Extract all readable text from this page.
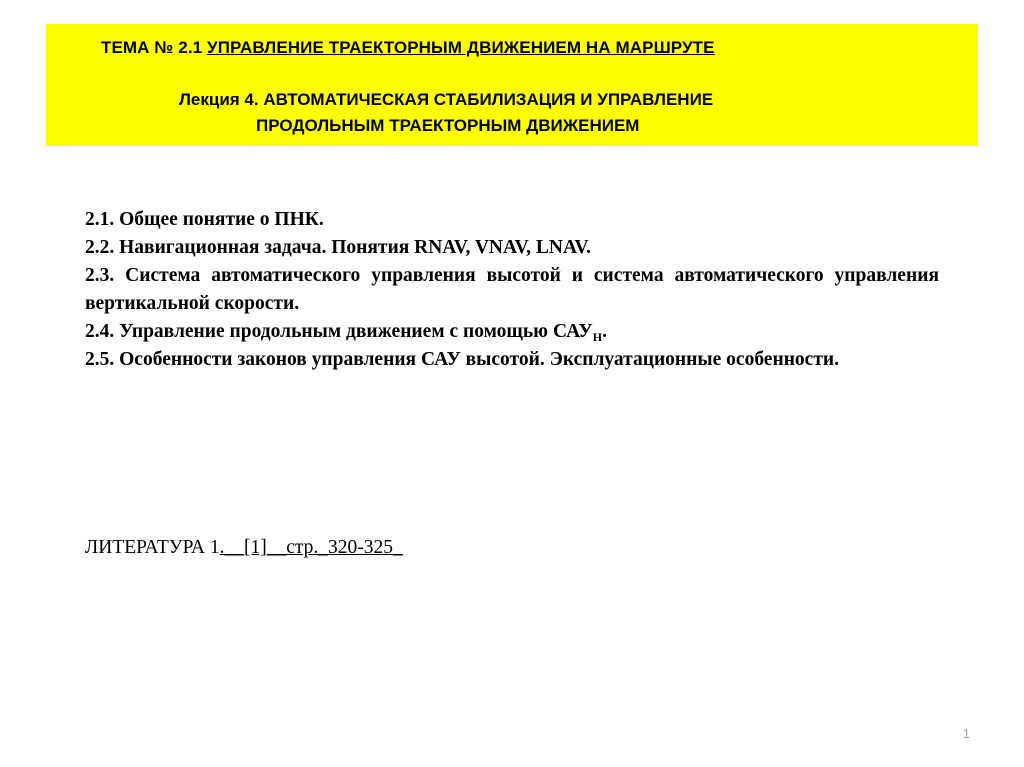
ТЕМА № 2.1 УПРАВЛЕНИЕ ТРАЕКТОРНЫМ ДВИЖЕНИЕМ НА МАРШРУТЕ
Лекция 4. АВТОМАТИЧЕСКАЯ СТАБИЛИЗАЦИЯ И УПРАВЛЕНИЕ
ПРОДОЛЬНЫМ ТРАЕКТОРНЫМ ДВИЖЕНИЕМ

2.1. Общее понятие о ПНК.

2.2. Навигационная задача. Понятия RNAV, VNAV, LNAV.

2.3. Система автоматического управления высотой и система автоматического управления вертикальной скорости.

2.4. Управление продольным движением с помощью $САУ_H$.

2.5. Особенности законов управления САУ высотой. Эксплуатационные особенности.

ЛИТЕРАТУРА 1.__[1]__стр._320-325_
1
